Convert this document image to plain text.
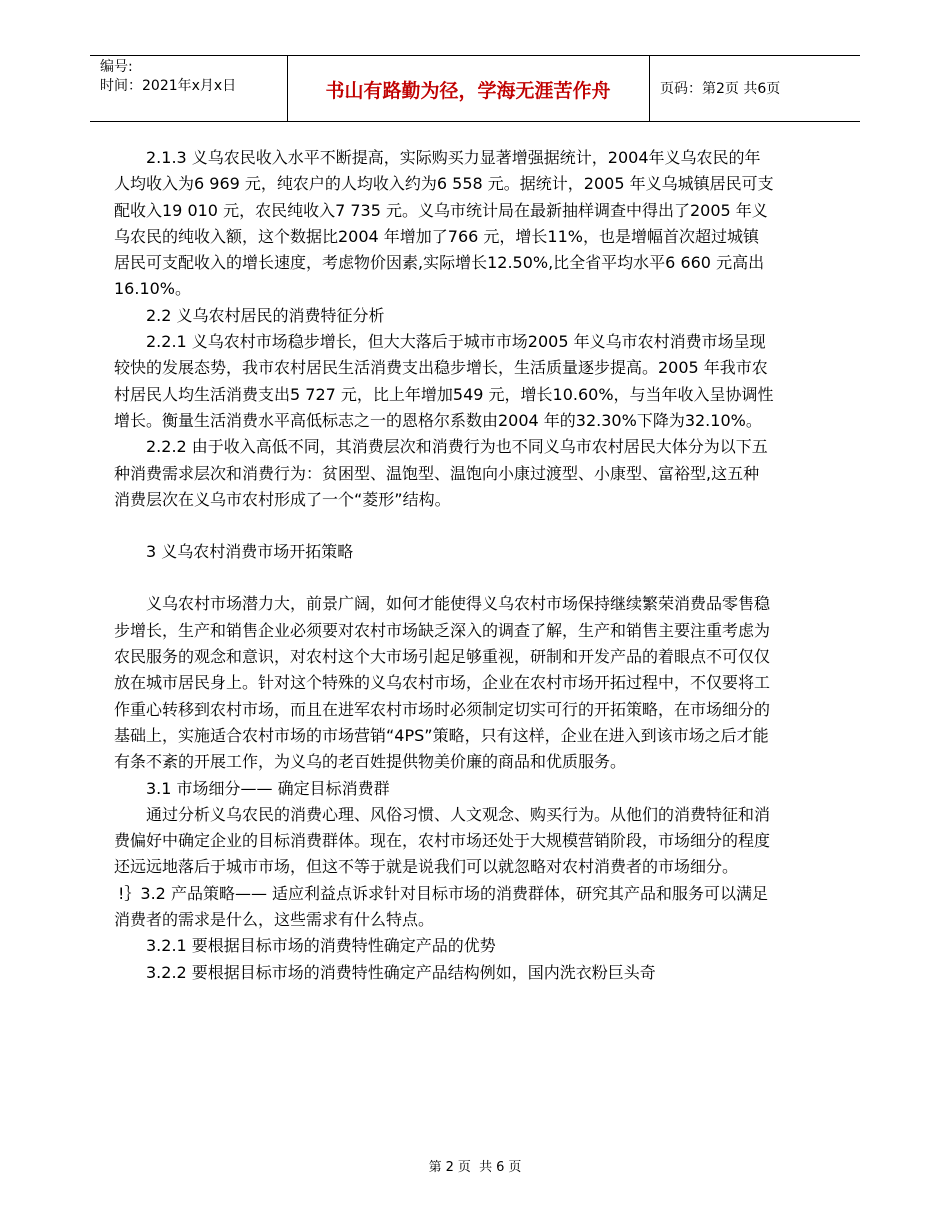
编号:
时间：2021年x月x日	书山有路勤为径，学海无涯苦作舟	页码：第2页 共6页

2.1.3 义乌农民收入水平不断提高，实际购买力显著增强据统计，2004年义乌农民的年人均收入为6 969 元，纯农户的人均收入约为6 558 元。据统计，2005 年义乌城镇居民可支配收入19 010 元，农民纯收入7 735 元。义乌市统计局在最新抽样调查中得出了2005 年义乌农民的纯收入额，这个数据比2004 年增加了766 元，增长11%，也是增幅首次超过城镇居民可支配收入的增长速度，考虑物价因素,实际增长12.50%,比全省平均水平6 660 元高出16.10%。

2.2 义乌农村居民的消费特征分析

2.2.1 义乌农村市场稳步增长，但大大落后于城市市场2005 年义乌市农村消费市场呈现较快的发展态势，我市农村居民生活消费支出稳步增长，生活质量逐步提高。2005 年我市农村居民人均生活消费支出5 727 元，比上年增加549 元，增长10.60%，与当年收入呈协调性增长。衡量生活消费水平高低标志之一的恩格尔系数由2004 年的32.30%下降为32.10%。

2.2.2 由于收入高低不同，其消费层次和消费行为也不同义乌市农村居民大体分为以下五种消费需求层次和消费行为：贫困型、温饱型、温饱向小康过渡型、小康型、富裕型,这五种消费层次在义乌市农村形成了一个“菱形”结构。

3 义乌农村消费市场开拓策略

义乌农村市场潜力大，前景广阔，如何才能使得义乌农村市场保持继续繁荣消费品零售稳步增长，生产和销售企业必须要对农村市场缺乏深入的调查了解，生产和销售主要注重考虑为农民服务的观念和意识，对农村这个大市场引起足够重视，研制和开发产品的着眼点不可仅仅放在城市居民身上。针对这个特殊的义乌农村市场，企业在农村市场开拓过程中，不仅要将工作重心转移到农村市场，而且在进军农村市场时必须制定切实可行的开拓策略，在市场细分的基础上，实施适合农村市场的市场营销“4PS”策略，只有这样，企业在进入到该市场之后才能有条不紊的开展工作，为义乌的老百姓提供物美价廉的商品和优质服务。

3.1 市场细分—— 确定目标消费群

通过分析义乌农民的消费心理、风俗习惯、人文观念、购买行为。从他们的消费特征和消费偏好中确定企业的目标消费群体。现在，农村市场还处于大规模营销阶段，市场细分的程度还远远地落后于城市市场，但这不等于就是说我们可以就忽略对农村消费者的市场细分。

!｝3.2 产品策略—— 适应利益点诉求针对目标市场的消费群体，研究其产品和服务可以满足消费者的需求是什么，这些需求有什么特点。

3.2.1 要根据目标市场的消费特性确定产品的优势

3.2.2 要根据目标市场的消费特性确定产品结构例如，国内洗衣粉巨头奇

第 2 页 共 6 页
